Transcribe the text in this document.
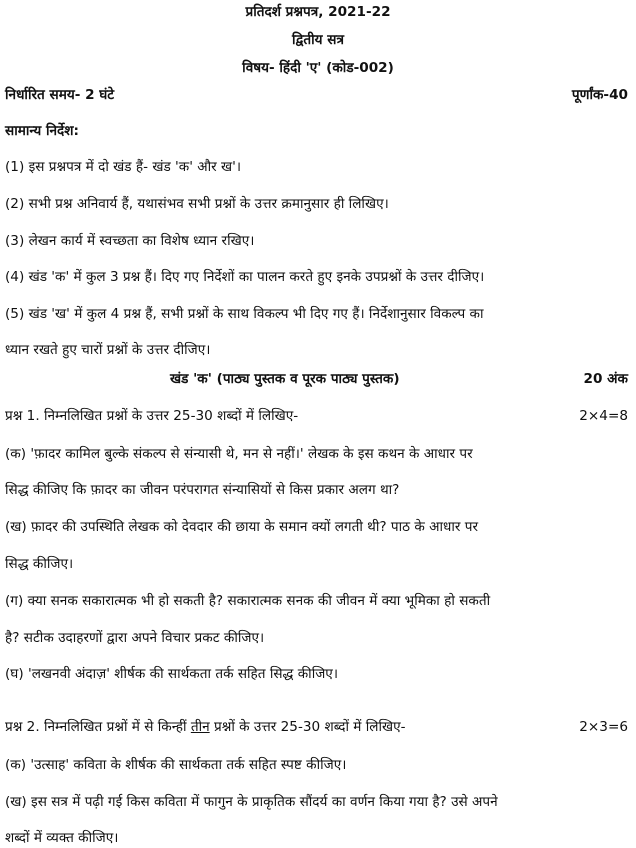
प्रतिदर्श प्रश्नपत्र, 2021-22
द्वितीय सत्र
विषय- हिंदी 'ए' (कोड-002)
निर्धारित समय- 2 घंटे	पूर्णांक-40
सामान्य निर्देश:
(1) इस प्रश्नपत्र में दो खंड हैं- खंड 'क' और ख'।
(2) सभी प्रश्न अनिवार्य हैं, यथासंभव सभी प्रश्नों के उत्तर क्रमानुसार ही लिखिए।
(3) लेखन कार्य में स्वच्छता का विशेष ध्यान रखिए।
(4) खंड 'क' में कुल 3 प्रश्न हैं। दिए गए निर्देशों का पालन करते हुए इनके उपप्रश्नों के उत्तर दीजिए।
(5) खंड 'ख' में कुल 4 प्रश्न हैं, सभी प्रश्नों के साथ विकल्प भी दिए गए हैं। निर्देशानुसार विकल्प का
ध्यान रखते हुए चारों प्रश्नों के उत्तर दीजिए।
खंड 'क' (पाठ्य पुस्तक व पूरक पाठ्य पुस्तक)	20 अंक
प्रश्न 1. निम्नलिखित प्रश्नों के उत्तर 25-30 शब्दों में लिखिए-	2×4=8
(क) 'फ़ादर कामिल बुल्के संकल्प से संन्यासी थे, मन से नहीं।' लेखक के इस कथन के आधार पर
सिद्ध कीजिए कि फ़ादर का जीवन परंपरागत संन्यासियों से किस प्रकार अलग था?
(ख) फ़ादर की उपस्थिति लेखक को देवदार की छाया के समान क्यों लगती थी? पाठ के आधार पर
सिद्ध कीजिए।
(ग) क्या सनक सकारात्मक भी हो सकती है? सकारात्मक सनक की जीवन में क्या भूमिका हो सकती
है? सटीक उदाहरणों द्वारा अपने विचार प्रकट कीजिए।
(घ) 'लखनवी अंदाज़' शीर्षक की सार्थकता तर्क सहित सिद्ध कीजिए।
प्रश्न 2. निम्नलिखित प्रश्नों में से किन्हीं तीन प्रश्नों के उत्तर 25-30 शब्दों में लिखिए-	2×3=6
(क) 'उत्साह' कविता के शीर्षक की सार्थकता तर्क सहित स्पष्ट कीजिए।
(ख) इस सत्र में पढ़ी गई किस कविता में फागुन के प्राकृतिक सौंदर्य का वर्णन किया गया है? उसे अपने
शब्दों में व्यक्त कीजिए।
